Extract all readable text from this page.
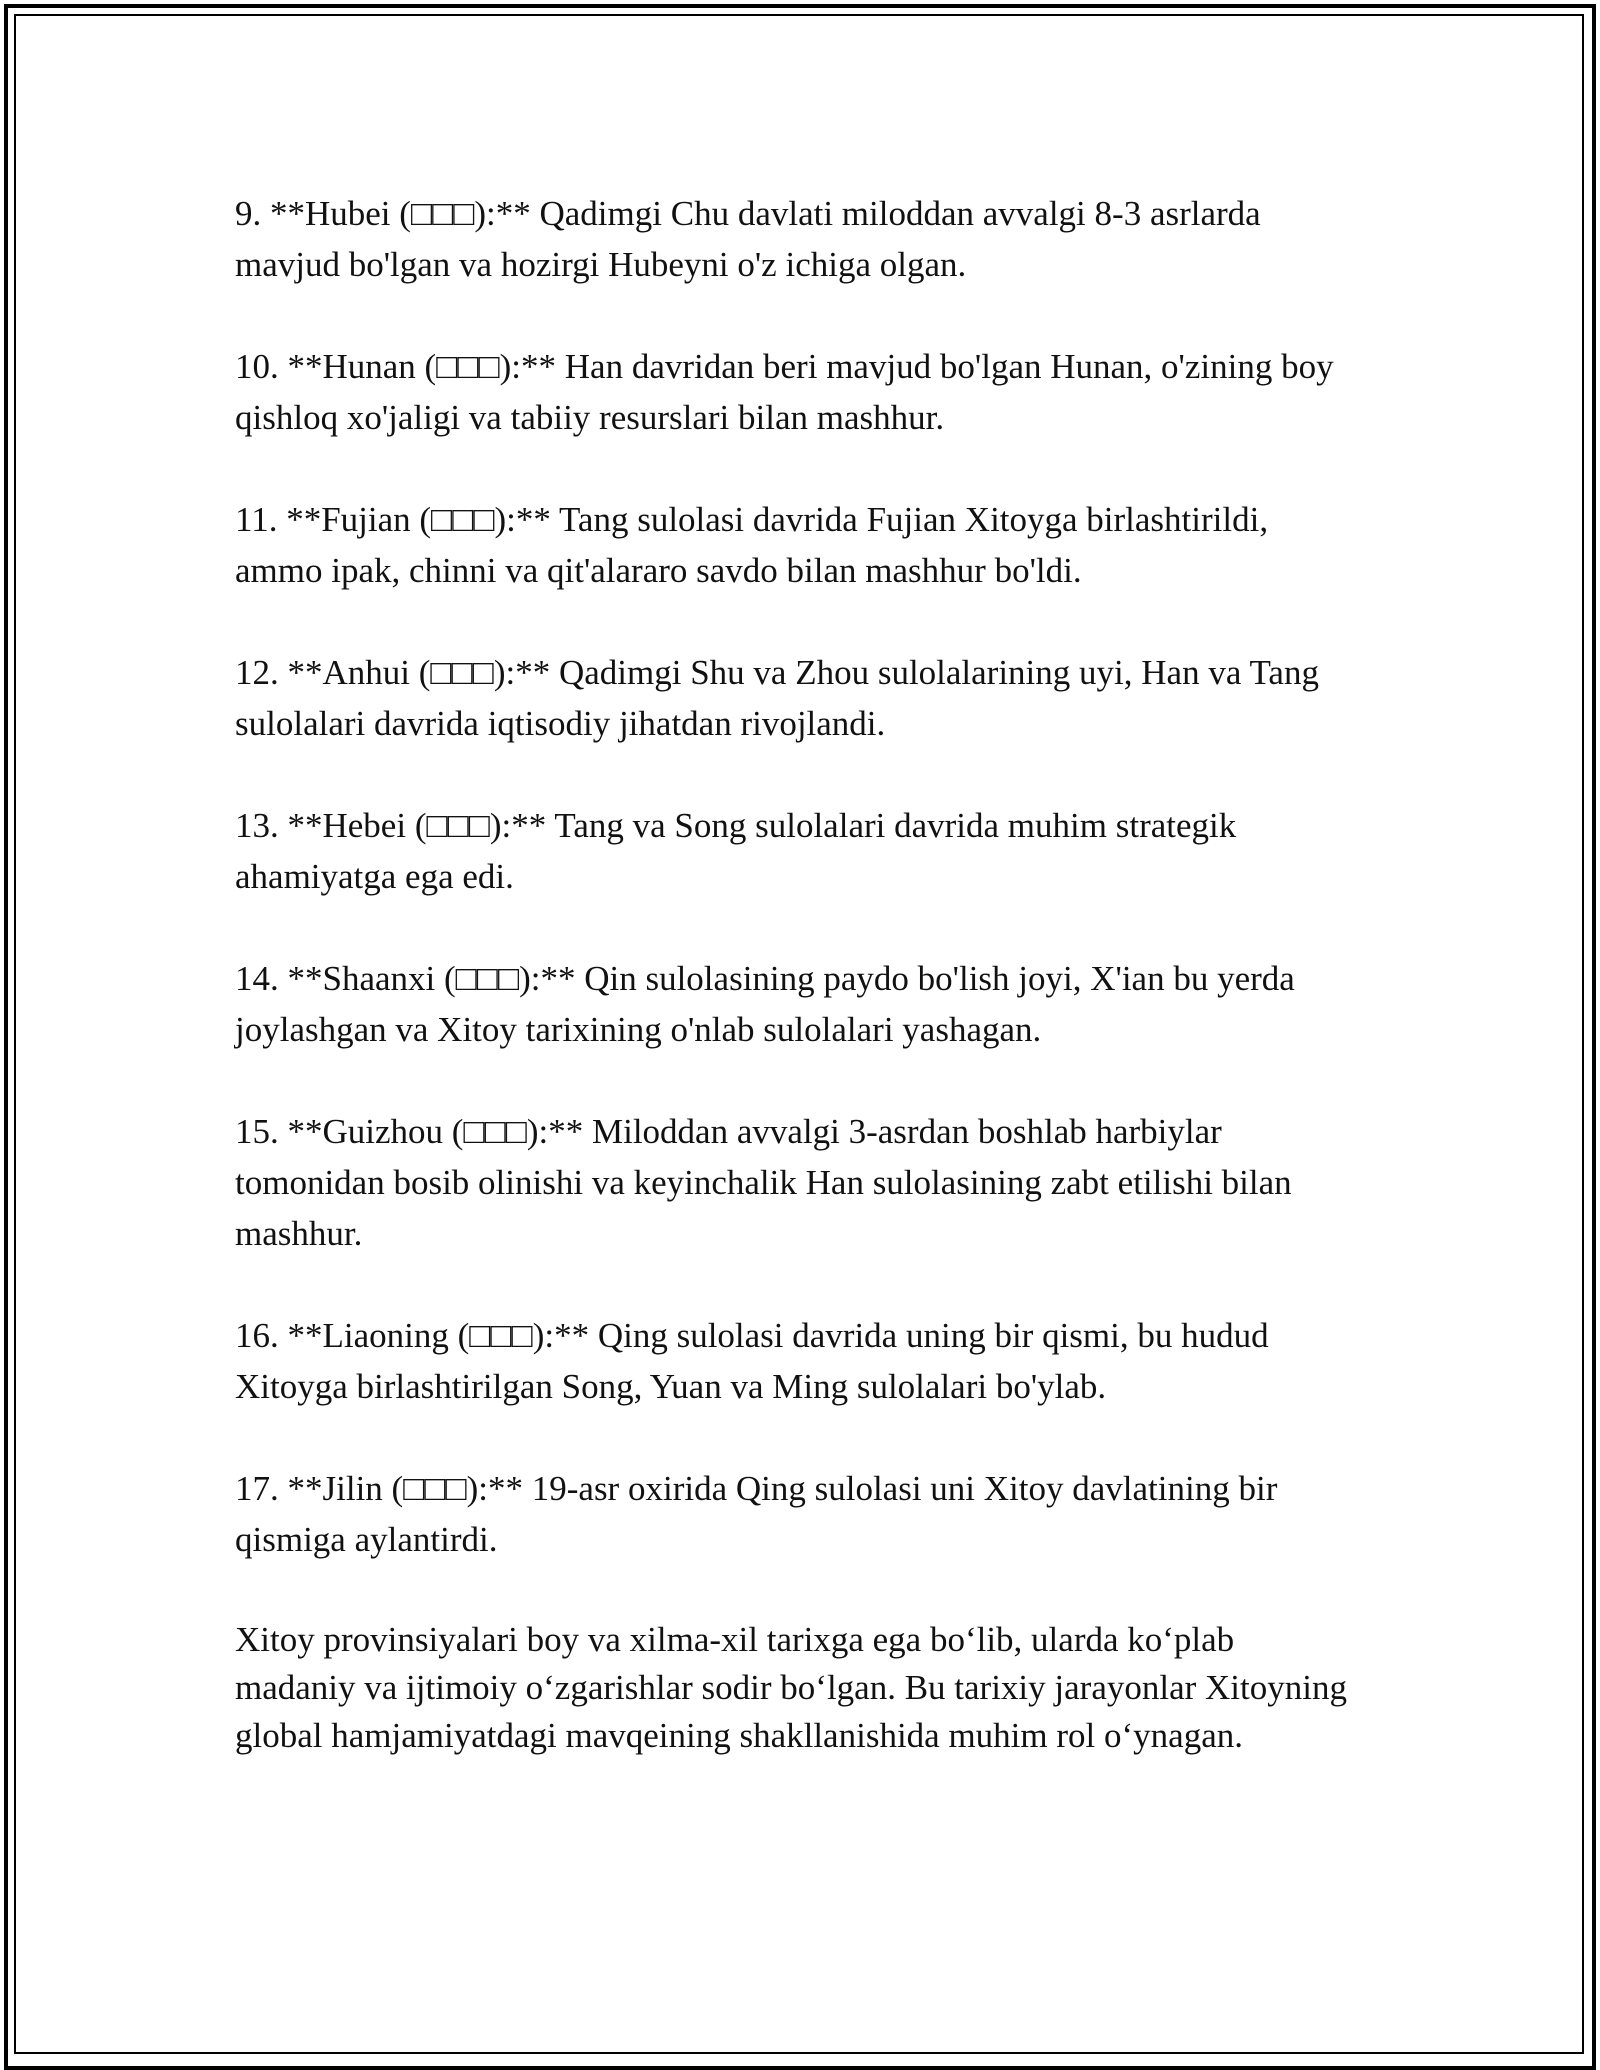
9. **Hubei (□□□):** Qadimgi Chu davlati miloddan avvalgi 8-3 asrlarda mavjud bo'lgan va hozirgi Hubeyni o'z ichiga olgan.

10. **Hunan (□□□):** Han davridan beri mavjud bo'lgan Hunan, o'zining boy qishloq xo'jaligi va tabiiy resurslari bilan mashhur.

11. **Fujian (□□□):** Tang sulolasi davrida Fujian Xitoyga birlashtirildi, ammo ipak, chinni va qit'alararo savdo bilan mashhur bo'ldi.

12. **Anhui (□□□):** Qadimgi Shu va Zhou sulolalarining uyi, Han va Tang sulolalari davrida iqtisodiy jihatdan rivojlandi.

13. **Hebei (□□□):** Tang va Song sulolalari davrida muhim strategik ahamiyatga ega edi.

14. **Shaanxi (□□□):** Qin sulolasining paydo bo'lish joyi, X'ian bu yerda joylashgan va Xitoy tarixining o'nlab sulolalari yashagan.

15. **Guizhou (□□□):** Miloddan avvalgi 3-asrdan boshlab harbiylar tomonidan bosib olinishi va keyinchalik Han sulolasining zabt etilishi bilan mashhur.

16. **Liaoning (□□□):** Qing sulolasi davrida uning bir qismi, bu hudud Xitoyga birlashtirilgan Song, Yuan va Ming sulolalari bo'ylab.

17. **Jilin (□□□):** 19-asr oxirida Qing sulolasi uni Xitoy davlatining bir qismiga aylantirdi.

Xitoy provinsiyalari boy va xilma-xil tarixga ega bo‘lib, ularda ko‘plab madaniy va ijtimoiy o‘zgarishlar sodir bo‘lgan. Bu tarixiy jarayonlar Xitoyning global hamjamiyatdagi mavqeining shakllanishida muhim rol o‘ynagan.
